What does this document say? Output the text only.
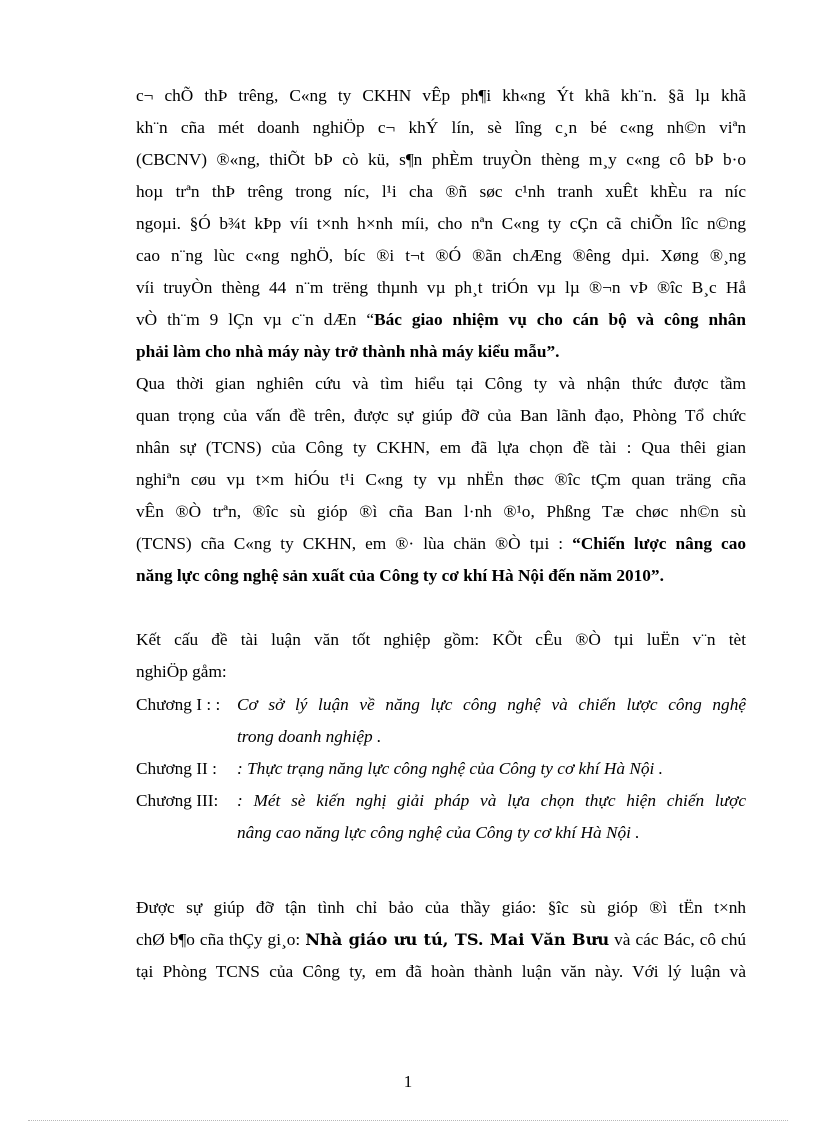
c¬ chÕ thÞ trêng, C«ng ty CKHN vÊp ph¶i kh«ng Ýt khã kh¨n. §ã lµ khã
kh¨n cña mét doanh nghiÖp c¬ khÝ lín, sè lîng c¸n bé c«ng nh©n viªn
(CBCNV) ®«ng, thiÕt bÞ cò kü, s¶n phÈm truyÒn thèng m¸y c«ng cô bÞ b·o
hoµ trªn thÞ trêng trong níc, l¹i cha ®ñ søc c¹nh tranh xuÊt khÈu ra níc
ngoµi. §Ó b¾t kÞp víi t×nh h×nh míi, cho nªn C«ng ty cÇn cã chiÕn lîc n©ng
cao n¨ng lùc c«ng nghÖ, bíc ®i t¬t ®Ó ®ãn chÆng ®êng dµi. Xøng ®¸ng
víi truyÒn thèng 44 n¨m trëng thµnh vµ ph¸t triÓn vµ lµ ®¬n vÞ ®îc B¸c Hå
vÒ th¨m 9 lÇn vµ c¨n dÆn “Bác giao nhiệm vụ cho cán bộ và công nhân
phải làm cho nhà máy này trở thành nhà máy kiểu mẫu”.
Qua thời gian nghiên cứu và tìm hiểu tại Công ty và nhận thức được tầm
quan trọng của vấn đề trên, được sự giúp đỡ của Ban lãnh đạo, Phòng Tổ chức
nhân sự (TCNS) của Công ty CKHN, em đã lựa chọn đề tài : Qua thêi gian
nghiªn cøu vµ t×m hiÓu t¹i C«ng ty vµ nhËn thøc ®îc tÇm quan träng cña
vÊn ®Ò trªn, ®îc sù gióp ®ì cña Ban l·nh ®¹o, Phßng Tæ chøc nh©n sù
(TCNS) cña C«ng ty CKHN, em ®· lùa chän ®Ò tµi : “Chiến lược nâng cao
năng lực công nghệ sản xuất của Công ty cơ khí Hà Nội đến năm 2010”.
Kết cấu đề tài luận văn tốt nghiệp gồm: KÕt cÊu ®Ò tµi luËn v¨n tèt
nghiÖp gåm:
Chương I : : Cơ sở lý luận về năng lực công nghệ và chiến lược công nghệ
trong doanh nghiệp .
Chương II : : Thực trạng năng lực công nghệ của Công ty cơ khí Hà Nội .
Chương III: : Mét sè kiến nghị giải pháp và lựa chọn thực hiện chiến lược
nâng cao năng lực công nghệ của Công ty cơ khí Hà Nội .
Được sự giúp đỡ tận tình chỉ bảo của thầy giáo: §îc sù gióp ®ì tËn t×nh
chØ b¶o cña thÇy gi¸o: Nhà giáo ưu tú, TS. Mai Văn Bưu và các Bác, cô chú
tại Phòng TCNS của Công ty, em đã hoàn thành luận văn này. Với lý luận và
1
